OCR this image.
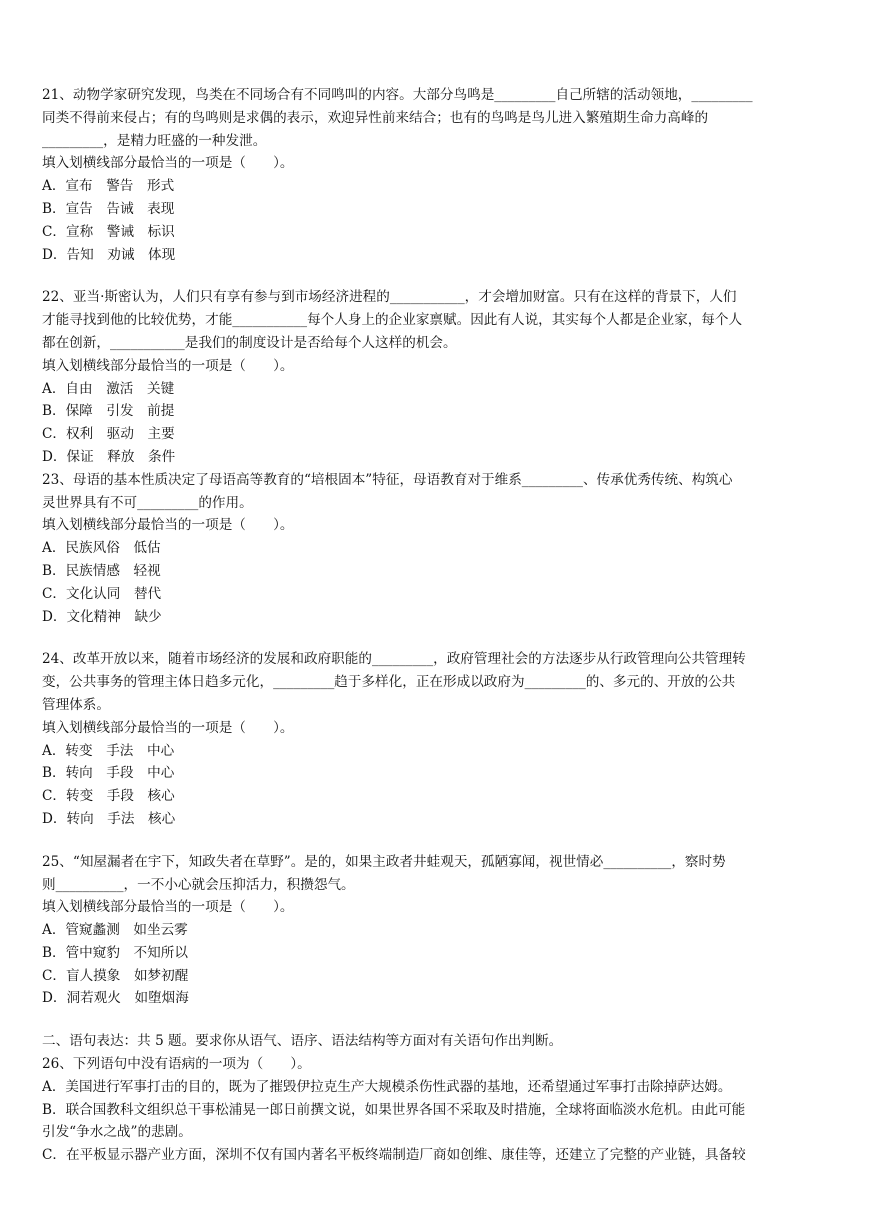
21、动物学家研究发现，鸟类在不同场合有不同鸣叫的内容。大部分鸟鸣是_________自己所辖的活动领地，_________
同类不得前来侵占；有的鸟鸣则是求偶的表示，欢迎异性前来结合；也有的鸟鸣是鸟儿进入繁殖期生命力高峰的
_________，是精力旺盛的一种发泄。
填入划横线部分最恰当的一项是（　　）。
A．宣布　警告　形式
B．宣告　告诫　表现
C．宣称　警诫　标识
D．告知　劝诫　体现
22、亚当·斯密认为，人们只有享有参与到市场经济进程的___________，才会增加财富。只有在这样的背景下，人们
才能寻找到他的比较优势，才能___________每个人身上的企业家禀赋。因此有人说，其实每个人都是企业家，每个人
都在创新，___________是我们的制度设计是否给每个人这样的机会。
填入划横线部分最恰当的一项是（　　）。
A．自由　激活　关键
B．保障　引发　前提
C．权利　驱动　主要
D．保证　释放　条件
23、母语的基本性质决定了母语高等教育的“培根固本”特征，母语教育对于维系_________、传承优秀传统、构筑心
灵世界具有不可_________的作用。
填入划横线部分最恰当的一项是（　　）。
A．民族风俗　低估
B．民族情感　轻视
C．文化认同　替代
D．文化精神　缺少
24、改革开放以来，随着市场经济的发展和政府职能的_________，政府管理社会的方法逐步从行政管理向公共管理转
变，公共事务的管理主体日趋多元化，_________趋于多样化，正在形成以政府为_________的、多元的、开放的公共
管理体系。
填入划横线部分最恰当的一项是（　　）。
A．转变　手法　中心
B．转向　手段　中心
C．转变　手段　核心
D．转向　手法　核心
25、“知屋漏者在宇下，知政失者在草野”。是的，如果主政者井蛙观天，孤陋寡闻，视世情必__________，察时势
则__________，一不小心就会压抑活力，积攒怨气。
填入划横线部分最恰当的一项是（　　）。
A．管窥蠡测　如坐云雾
B．管中窥豹　不知所以
C．盲人摸象　如梦初醒
D．洞若观火　如堕烟海
二、语句表达：共 5 题。要求你从语气、语序、语法结构等方面对有关语句作出判断。
26、下列语句中没有语病的一项为（　　）。
A．美国进行军事打击的目的，既为了摧毁伊拉克生产大规模杀伤性武器的基地，还希望通过军事打击除掉萨达姆。
B．联合国教科文组织总干事松浦晃一郎日前撰文说，如果世界各国不采取及时措施，全球将面临淡水危机。由此可能
引发“争水之战”的悲剧。
C．在平板显示器产业方面，深圳不仅有国内著名平板终端制造厂商如创维、康佳等，还建立了完整的产业链，具备较
